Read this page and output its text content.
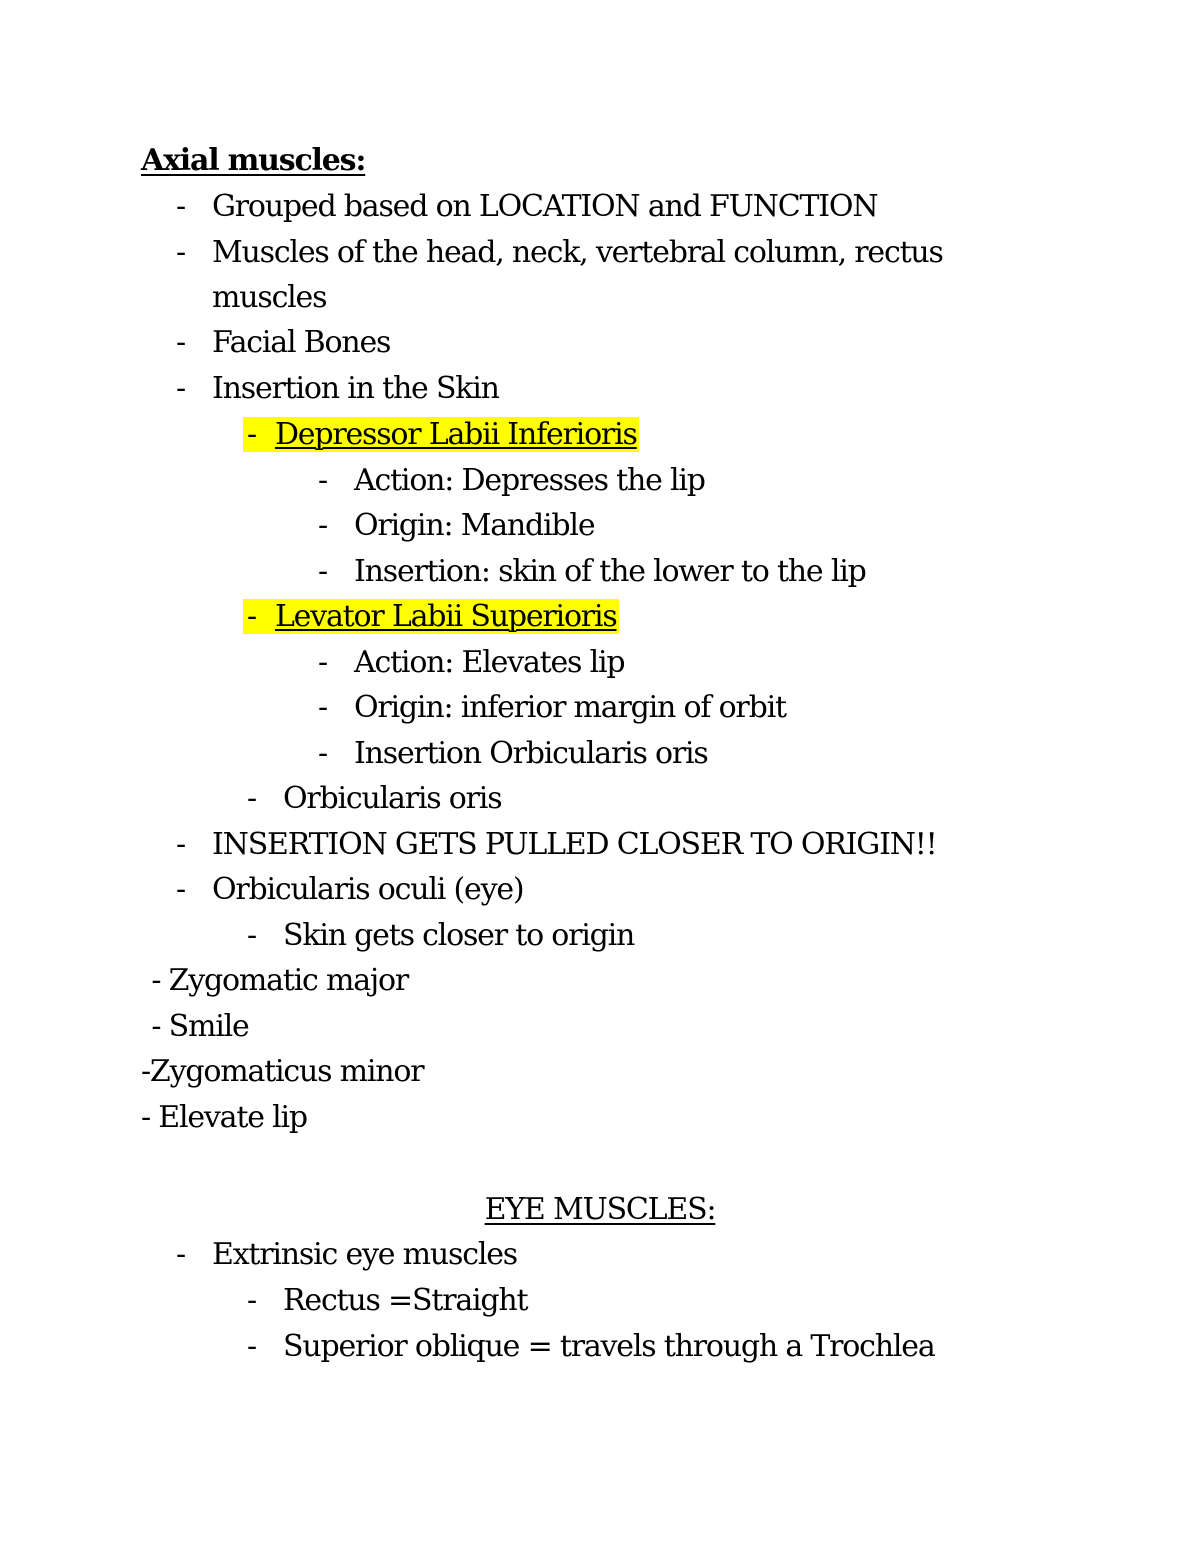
Axial muscles:
- Grouped based on LOCATION and FUNCTION
- Muscles of the head, neck, vertebral column, rectus
muscles
- Facial Bones
- Insertion in the Skin
- Depressor Labii Inferioris
- Action: Depresses the lip
- Origin: Mandible
- Insertion: skin of the lower to the lip
- Levator Labii Superioris
- Action: Elevates lip
- Origin: inferior margin of orbit
- Insertion Orbicularis oris
- Orbicularis oris
- INSERTION GETS PULLED CLOSER TO ORIGIN!!
- Orbicularis oculi (eye)
- Skin gets closer to origin
- Zygomatic major
- Smile
-Zygomaticus minor
- Elevate lip
EYE MUSCLES:
- Extrinsic eye muscles
- Rectus =Straight
- Superior oblique = travels through a Trochlea
